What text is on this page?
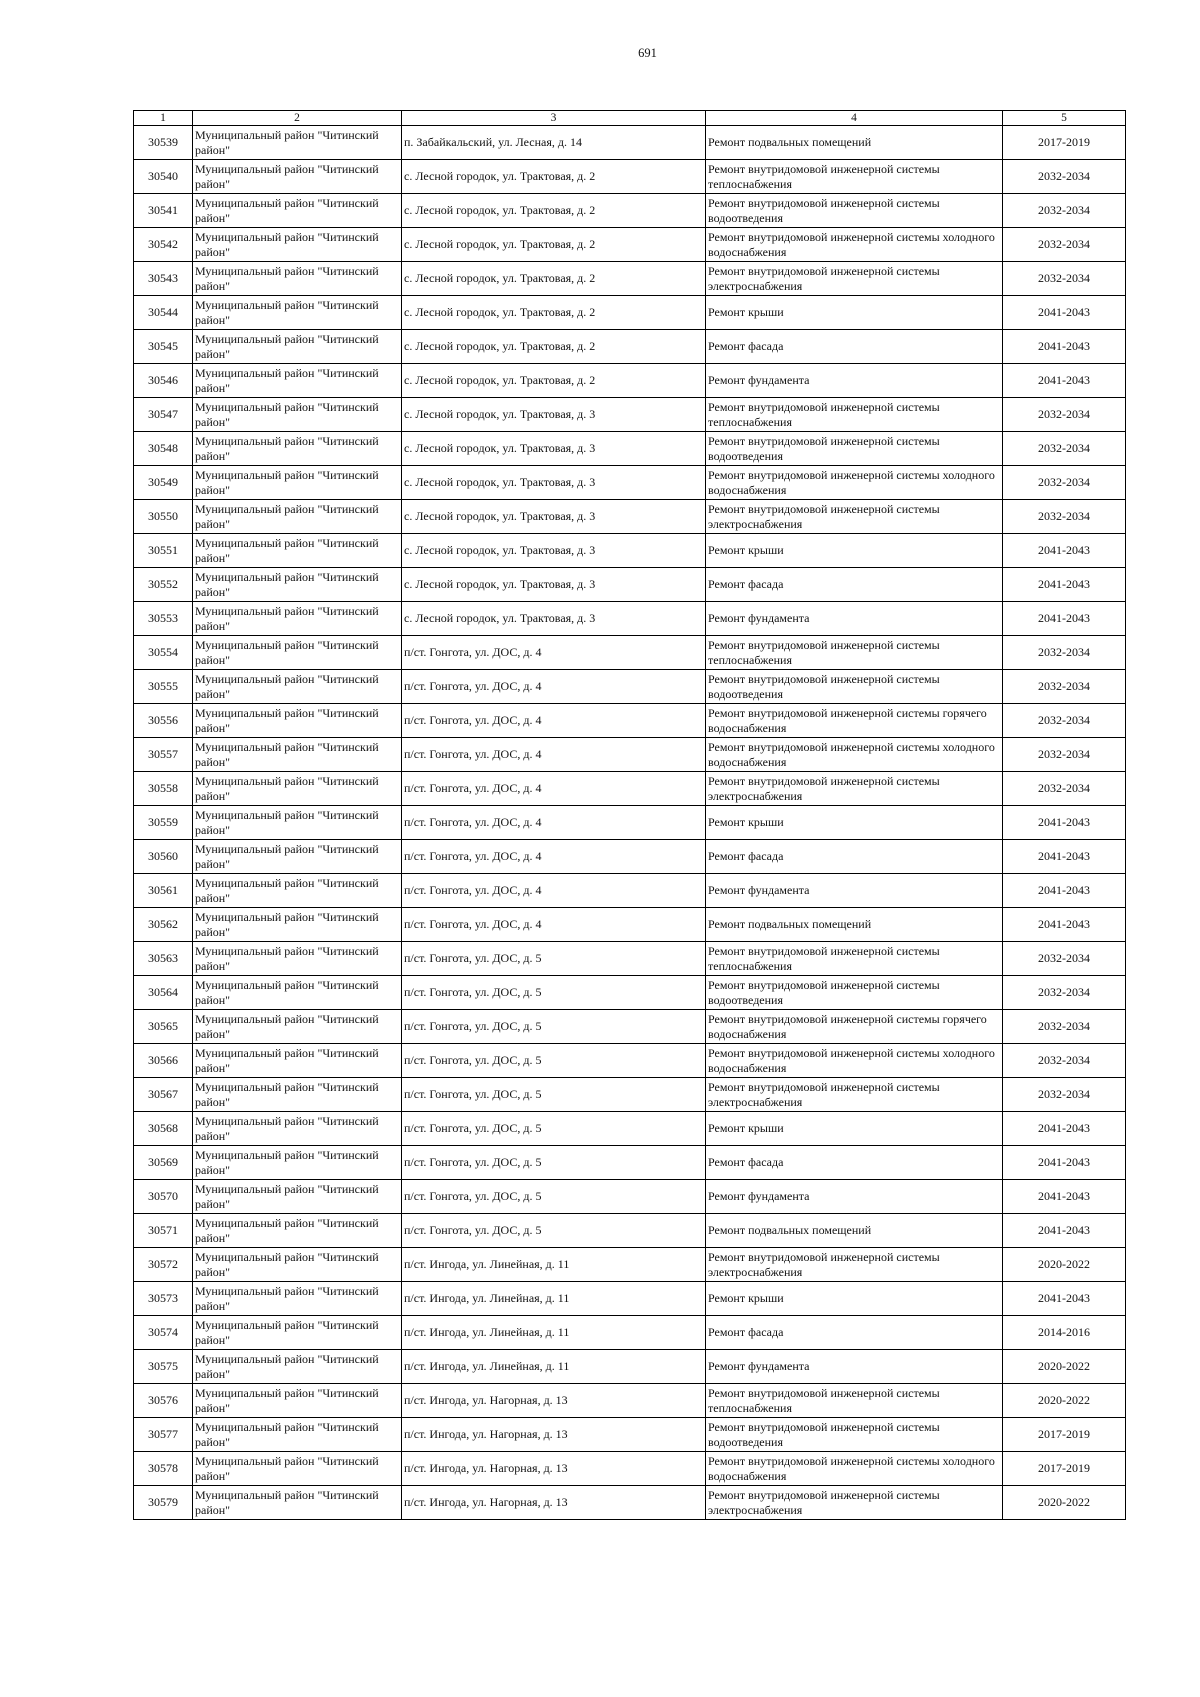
691
1	2	3	4	5
30539	Муниципальный район "Читинский район"	п. Забайкальский, ул. Лесная, д. 14	Ремонт подвальных помещений	2017-2019
30540	Муниципальный район "Читинский район"	с. Лесной городок, ул. Трактовая, д. 2	Ремонт внутридомовой инженерной системы теплоснабжения	2032-2034
30541	Муниципальный район "Читинский район"	с. Лесной городок, ул. Трактовая, д. 2	Ремонт внутридомовой инженерной системы водоотведения	2032-2034
30542	Муниципальный район "Читинский район"	с. Лесной городок, ул. Трактовая, д. 2	Ремонт внутридомовой инженерной системы холодного водоснабжения	2032-2034
30543	Муниципальный район "Читинский район"	с. Лесной городок, ул. Трактовая, д. 2	Ремонт внутридомовой инженерной системы электроснабжения	2032-2034
30544	Муниципальный район "Читинский район"	с. Лесной городок, ул. Трактовая, д. 2	Ремонт крыши	2041-2043
30545	Муниципальный район "Читинский район"	с. Лесной городок, ул. Трактовая, д. 2	Ремонт фасада	2041-2043
30546	Муниципальный район "Читинский район"	с. Лесной городок, ул. Трактовая, д. 2	Ремонт фундамента	2041-2043
30547	Муниципальный район "Читинский район"	с. Лесной городок, ул. Трактовая, д. 3	Ремонт внутридомовой инженерной системы теплоснабжения	2032-2034
30548	Муниципальный район "Читинский район"	с. Лесной городок, ул. Трактовая, д. 3	Ремонт внутридомовой инженерной системы водоотведения	2032-2034
30549	Муниципальный район "Читинский район"	с. Лесной городок, ул. Трактовая, д. 3	Ремонт внутридомовой инженерной системы холодного водоснабжения	2032-2034
30550	Муниципальный район "Читинский район"	с. Лесной городок, ул. Трактовая, д. 3	Ремонт внутридомовой инженерной системы электроснабжения	2032-2034
30551	Муниципальный район "Читинский район"	с. Лесной городок, ул. Трактовая, д. 3	Ремонт крыши	2041-2043
30552	Муниципальный район "Читинский район"	с. Лесной городок, ул. Трактовая, д. 3	Ремонт фасада	2041-2043
30553	Муниципальный район "Читинский район"	с. Лесной городок, ул. Трактовая, д. 3	Ремонт фундамента	2041-2043
30554	Муниципальный район "Читинский район"	п/ст. Гонгота, ул. ДОС, д. 4	Ремонт внутридомовой инженерной системы теплоснабжения	2032-2034
30555	Муниципальный район "Читинский район"	п/ст. Гонгота, ул. ДОС, д. 4	Ремонт внутридомовой инженерной системы водоотведения	2032-2034
30556	Муниципальный район "Читинский район"	п/ст. Гонгота, ул. ДОС, д. 4	Ремонт внутридомовой инженерной системы горячего водоснабжения	2032-2034
30557	Муниципальный район "Читинский район"	п/ст. Гонгота, ул. ДОС, д. 4	Ремонт внутридомовой инженерной системы холодного водоснабжения	2032-2034
30558	Муниципальный район "Читинский район"	п/ст. Гонгота, ул. ДОС, д. 4	Ремонт внутридомовой инженерной системы электроснабжения	2032-2034
30559	Муниципальный район "Читинский район"	п/ст. Гонгота, ул. ДОС, д. 4	Ремонт крыши	2041-2043
30560	Муниципальный район "Читинский район"	п/ст. Гонгота, ул. ДОС, д. 4	Ремонт фасада	2041-2043
30561	Муниципальный район "Читинский район"	п/ст. Гонгота, ул. ДОС, д. 4	Ремонт фундамента	2041-2043
30562	Муниципальный район "Читинский район"	п/ст. Гонгота, ул. ДОС, д. 4	Ремонт подвальных помещений	2041-2043
30563	Муниципальный район "Читинский район"	п/ст. Гонгота, ул. ДОС, д. 5	Ремонт внутридомовой инженерной системы теплоснабжения	2032-2034
30564	Муниципальный район "Читинский район"	п/ст. Гонгота, ул. ДОС, д. 5	Ремонт внутридомовой инженерной системы водоотведения	2032-2034
30565	Муниципальный район "Читинский район"	п/ст. Гонгота, ул. ДОС, д. 5	Ремонт внутридомовой инженерной системы горячего водоснабжения	2032-2034
30566	Муниципальный район "Читинский район"	п/ст. Гонгота, ул. ДОС, д. 5	Ремонт внутридомовой инженерной системы холодного водоснабжения	2032-2034
30567	Муниципальный район "Читинский район"	п/ст. Гонгота, ул. ДОС, д. 5	Ремонт внутридомовой инженерной системы электроснабжения	2032-2034
30568	Муниципальный район "Читинский район"	п/ст. Гонгота, ул. ДОС, д. 5	Ремонт крыши	2041-2043
30569	Муниципальный район "Читинский район"	п/ст. Гонгота, ул. ДОС, д. 5	Ремонт фасада	2041-2043
30570	Муниципальный район "Читинский район"	п/ст. Гонгота, ул. ДОС, д. 5	Ремонт фундамента	2041-2043
30571	Муниципальный район "Читинский район"	п/ст. Гонгота, ул. ДОС, д. 5	Ремонт подвальных помещений	2041-2043
30572	Муниципальный район "Читинский район"	п/ст. Ингода, ул. Линейная, д. 11	Ремонт внутридомовой инженерной системы электроснабжения	2020-2022
30573	Муниципальный район "Читинский район"	п/ст. Ингода, ул. Линейная, д. 11	Ремонт крыши	2041-2043
30574	Муниципальный район "Читинский район"	п/ст. Ингода, ул. Линейная, д. 11	Ремонт фасада	2014-2016
30575	Муниципальный район "Читинский район"	п/ст. Ингода, ул. Линейная, д. 11	Ремонт фундамента	2020-2022
30576	Муниципальный район "Читинский район"	п/ст. Ингода, ул. Нагорная, д. 13	Ремонт внутридомовой инженерной системы теплоснабжения	2020-2022
30577	Муниципальный район "Читинский район"	п/ст. Ингода, ул. Нагорная, д. 13	Ремонт внутридомовой инженерной системы водоотведения	2017-2019
30578	Муниципальный район "Читинский район"	п/ст. Ингода, ул. Нагорная, д. 13	Ремонт внутридомовой инженерной системы холодного водоснабжения	2017-2019
30579	Муниципальный район "Читинский район"	п/ст. Ингода, ул. Нагорная, д. 13	Ремонт внутридомовой инженерной системы электроснабжения	2020-2022
